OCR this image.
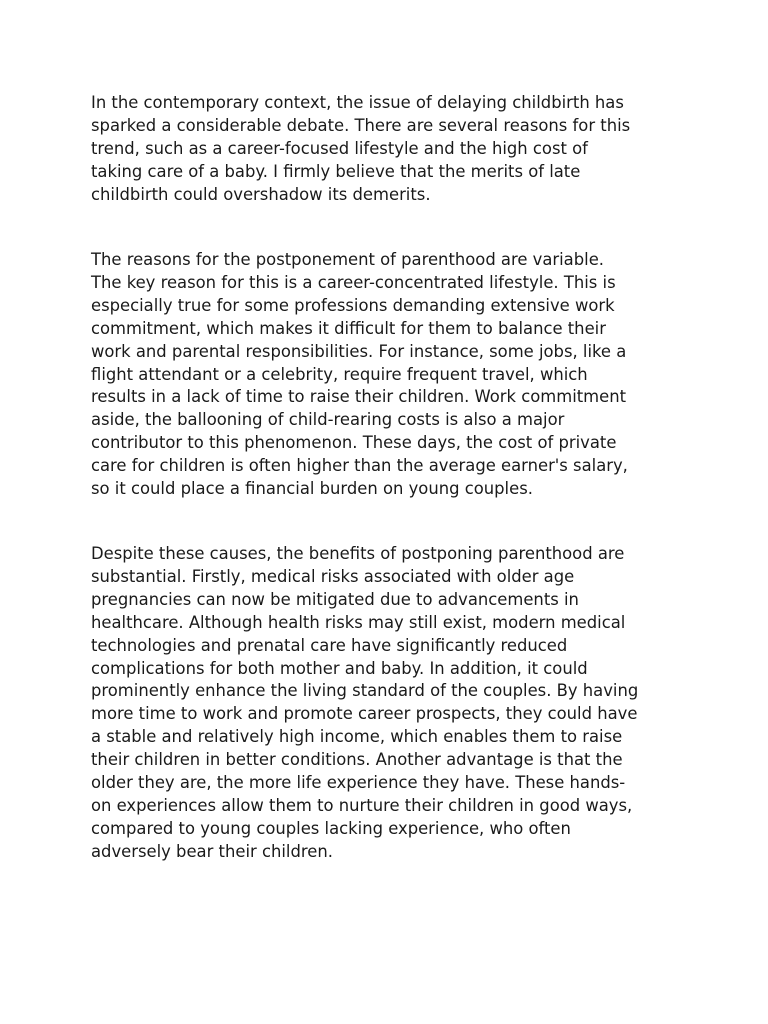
In the contemporary context, the issue of delaying childbirth has
sparked a considerable debate. There are several reasons for this
trend, such as a career-focused lifestyle and the high cost of
taking care of a baby. I firmly believe that the merits of late
childbirth could overshadow its demerits.

The reasons for the postponement of parenthood are variable.
The key reason for this is a career-concentrated lifestyle. This is
especially true for some professions demanding extensive work
commitment, which makes it difficult for them to balance their
work and parental responsibilities. For instance, some jobs, like a
flight attendant or a celebrity, require frequent travel, which
results in a lack of time to raise their children. Work commitment
aside, the ballooning of child-rearing costs is also a major
contributor to this phenomenon. These days, the cost of private
care for children is often higher than the average earner's salary,
so it could place a financial burden on young couples.

Despite these causes, the benefits of postponing parenthood are
substantial. Firstly, medical risks associated with older age
pregnancies can now be mitigated due to advancements in
healthcare. Although health risks may still exist, modern medical
technologies and prenatal care have significantly reduced
complications for both mother and baby. In addition, it could
prominently enhance the living standard of the couples. By having
more time to work and promote career prospects, they could have
a stable and relatively high income, which enables them to raise
their children in better conditions. Another advantage is that the
older they are, the more life experience they have. These hands-
on experiences allow them to nurture their children in good ways,
compared to young couples lacking experience, who often
adversely bear their children.
